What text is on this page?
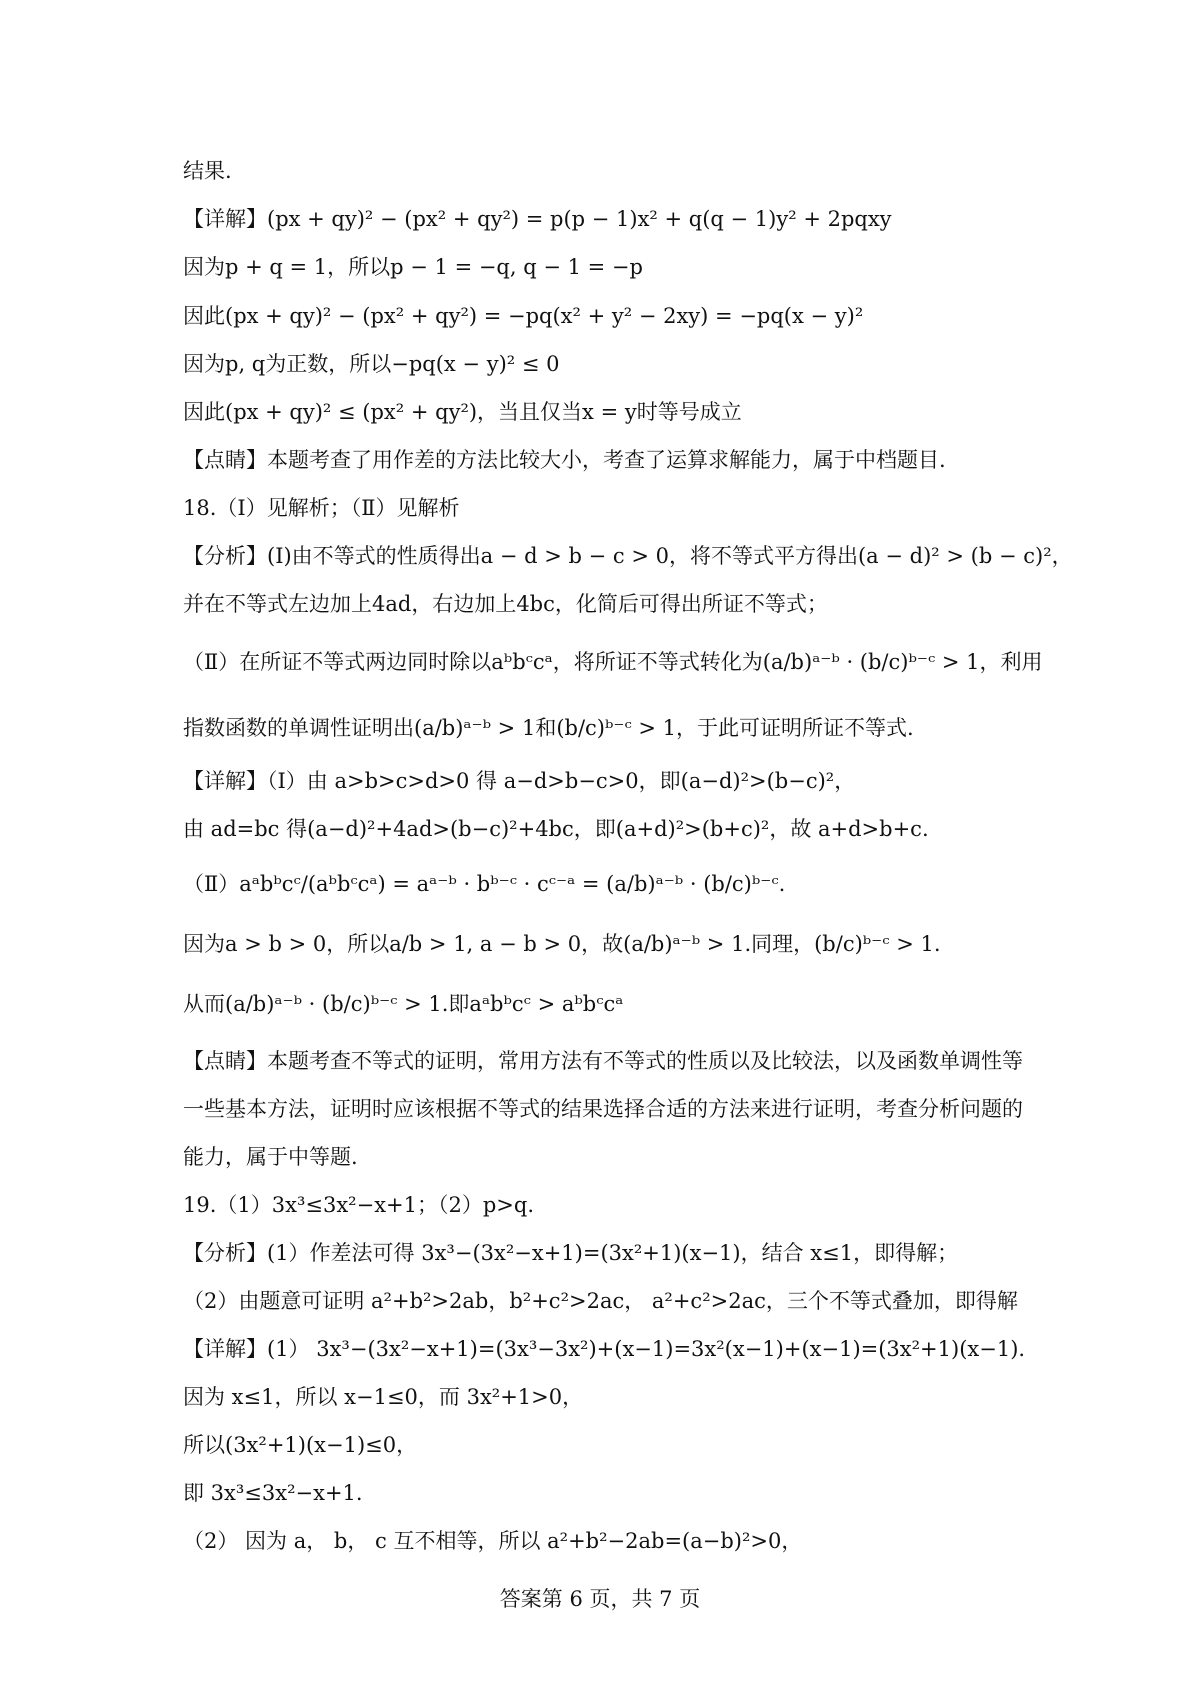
结果.
【详解】(px + qy)² − (px² + qy²) = p(p − 1)x² + q(q − 1)y² + 2pqxy
因为p + q = 1，所以p − 1 = −q, q − 1 = −p
因此(px + qy)² − (px² + qy²) = −pq(x² + y² − 2xy) = −pq(x − y)²
因为p, q为正数，所以−pq(x − y)² ≤ 0
因此(px + qy)² ≤ (px² + qy²)，当且仅当x = y时等号成立
【点睛】本题考查了用作差的方法比较大小，考查了运算求解能力，属于中档题目.
18.（Ⅰ）见解析；（Ⅱ）见解析
【分析】(Ⅰ)由不等式的性质得出a − d > b − c > 0，将不等式平方得出(a − d)² > (b − c)²，
并在不等式左边加上4ad，右边加上4bc，化简后可得出所证不等式；
（Ⅱ）在所证不等式两边同时除以aᵇbᶜcᵃ，将所证不等式转化为(a/b)ᵃ⁻ᵇ · (b/c)ᵇ⁻ᶜ > 1，利用
指数函数的单调性证明出(a/b)ᵃ⁻ᵇ > 1和(b/c)ᵇ⁻ᶜ > 1，于此可证明所证不等式.
【详解】（Ⅰ）由 a>b>c>d>0 得 a−d>b−c>0，即(a−d)²>(b−c)²，
由 ad=bc 得(a−d)²+4ad>(b−c)²+4bc，即(a+d)²>(b+c)²，故 a+d>b+c.
（Ⅱ）aᵃbᵇcᶜ/(aᵇbᶜcᵃ) = aᵃ⁻ᵇ · bᵇ⁻ᶜ · cᶜ⁻ᵃ = (a/b)ᵃ⁻ᵇ · (b/c)ᵇ⁻ᶜ.
因为a > b > 0，所以a/b > 1, a − b > 0，故(a/b)ᵃ⁻ᵇ > 1.同理，(b/c)ᵇ⁻ᶜ > 1.
从而(a/b)ᵃ⁻ᵇ · (b/c)ᵇ⁻ᶜ > 1.即aᵃbᵇcᶜ > aᵇbᶜcᵃ
【点睛】本题考查不等式的证明，常用方法有不等式的性质以及比较法，以及函数单调性等
一些基本方法，证明时应该根据不等式的结果选择合适的方法来进行证明，考查分析问题的
能力，属于中等题.
19.（1）3x³≤3x²−x+1；（2）p>q.
【分析】(1）作差法可得 3x³−(3x²−x+1)=(3x²+1)(x−1)，结合 x≤1，即得解；
（2）由题意可证明 a²+b²>2ab，b²+c²>2ac， a²+c²>2ac，三个不等式叠加，即得解
【详解】(1） 3x³−(3x²−x+1)=(3x³−3x²)+(x−1)=3x²(x−1)+(x−1)=(3x²+1)(x−1).
因为 x≤1，所以 x−1≤0，而 3x²+1>0，
所以(3x²+1)(x−1)≤0，
即 3x³≤3x²−x+1.
（2） 因为 a， b， c 互不相等，所以 a²+b²−2ab=(a−b)²>0，
答案第 6 页，共 7 页
